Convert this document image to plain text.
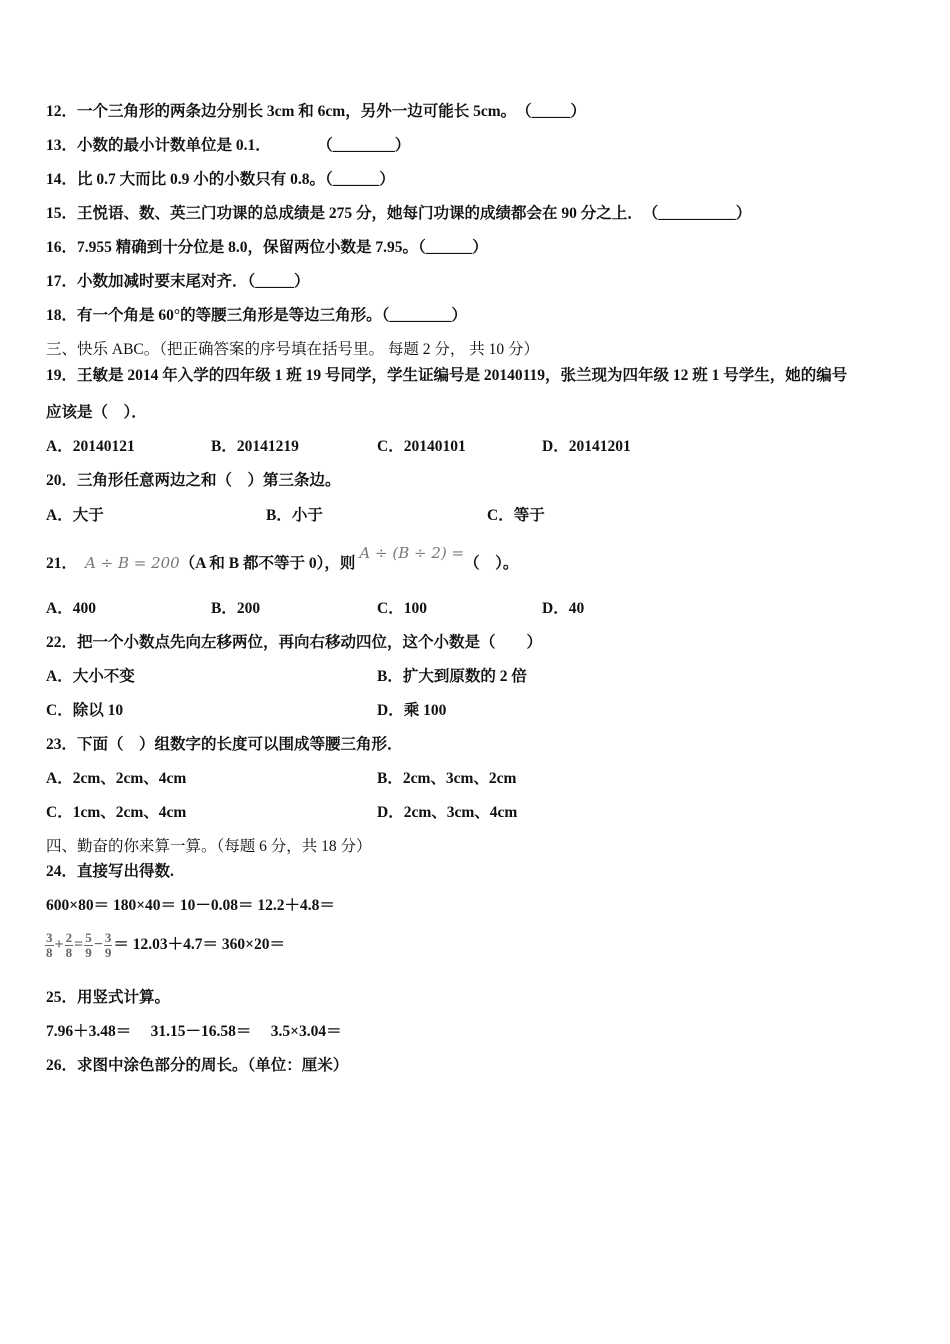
12．一个三角形的两条边分别长 3cm 和 6cm，另外一边可能长 5cm。　（_____）
13．小数的最小计数单位是 0.1．　　　　（________）
14．比 0.7 大而比 0.9 小的小数只有 0.8。（______）
15．王悦语、数、英三门功课的总成绩是 275 分，她每门功课的成绩都会在 90 分之上．　（__________）
16．7.955 精确到十分位是 8.0，保留两位小数是 7.95。（______）
17．小数加减时要末尾对齐．（_____）
18．有一个角是 60°的等腰三角形是等边三角形。（________）
三、快乐 ABC。（把正确答案的序号填在括号里。 每题 2 分， 共 10 分）
19．王敏是 2014 年入学的四年级 1 班 19 号同学，学生证编号是 20140119，张兰现为四年级 12 班 1 号学生，她的编号
应该是（　）．
A．20140121	B．20141219	C．20140101	D．20141201
20．三角形任意两边之和（　）第三条边。
A．大于	B．小于	C．等于
21． A ÷ B = 200（A 和 B 都不等于 0），则A ÷ (B ÷ 2) =（　）。
A．400	B．200	C．100	D．40
22．把一个小数点先向左移两位，再向右移动四位，这个小数是（　　）
A．大小不变	B．扩大到原数的 2 倍
C．除以 10	D．乘 100
23．下面（　）组数字的长度可以围成等腰三角形．
A．2cm、2cm、4cm	B．2cm、3cm、2cm
C．1cm、2cm、4cm	D．2cm、3cm、4cm
四、勤奋的你来算一算。（每题 6 分，共 18 分）
24．直接写出得数.
600×80＝ 180×40＝ 10－0.08＝ 12.2＋4.8＝
$\frac{3}{8} + \frac{2}{8} = \frac{5}{9} - \frac{3}{9} = 12.03+4.7= 360\times 20=$
25．用竖式计算。
7.96＋3.48＝　 31.15－16.58＝　 3.5×3.04＝
26．求图中涂色部分的周长。（单位：厘米）
